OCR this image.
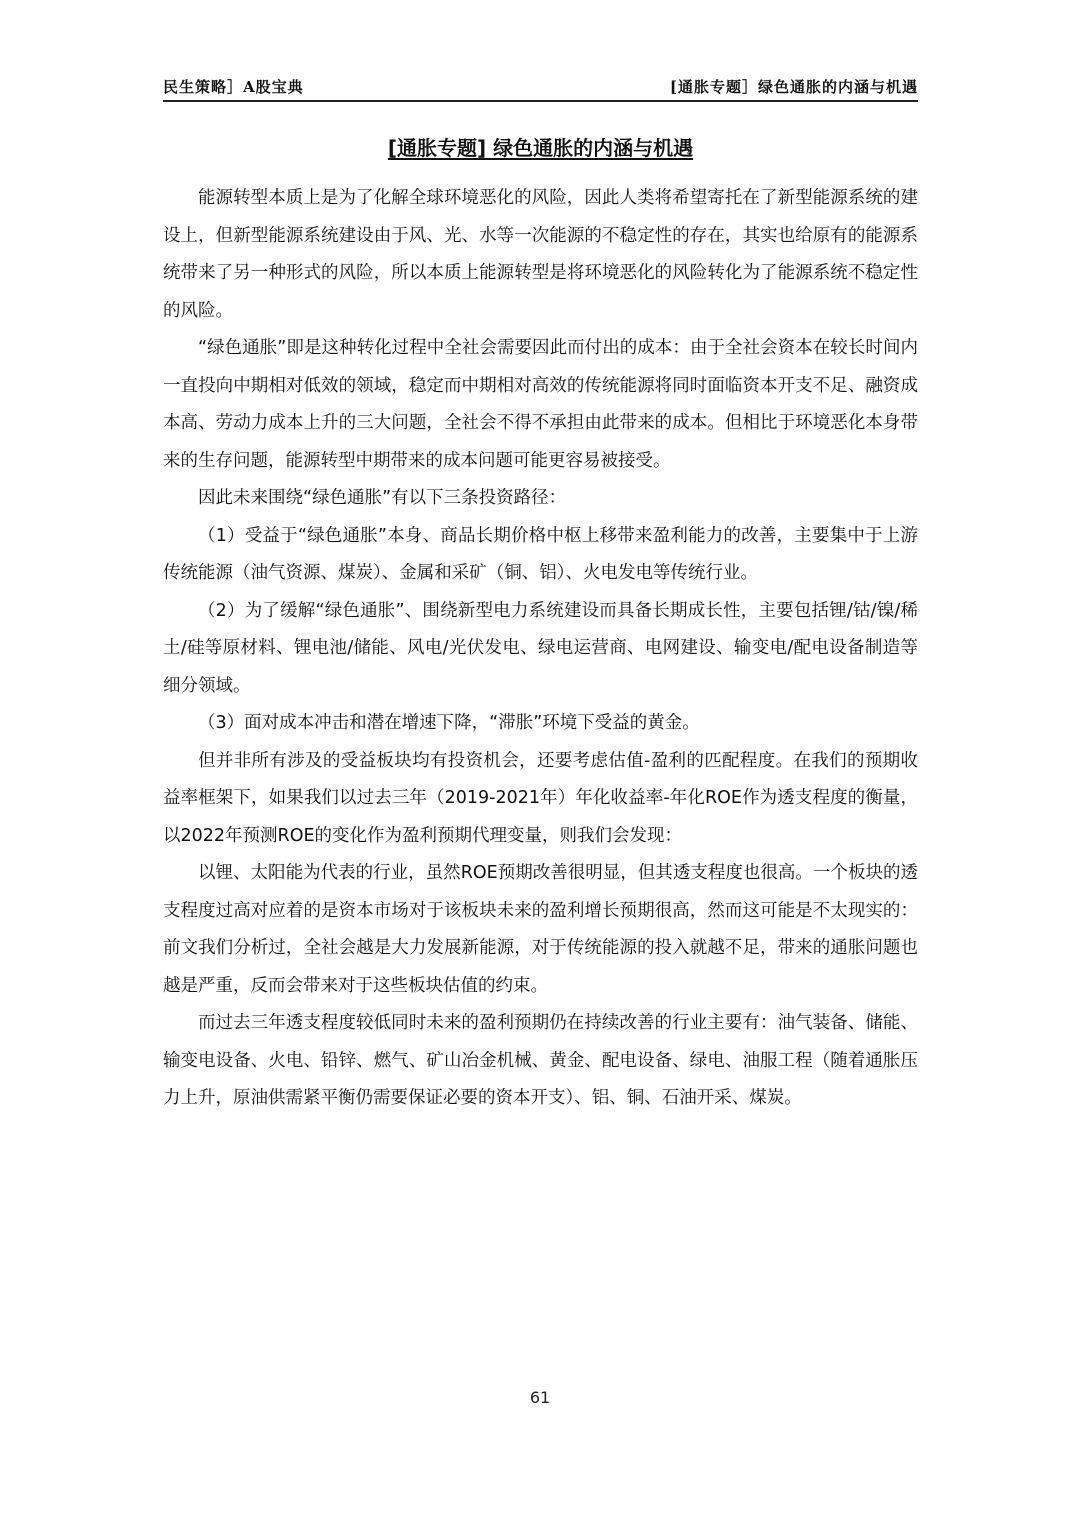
民生策略］A股宝典	[通胀专题］绿色通胀的内涵与机遇
[通胀专题] 绿色通胀的内涵与机遇

能源转型本质上是为了化解全球环境恶化的风险，因此人类将希望寄托在了新型能源系统的建设上，但新型能源系统建设由于风、光、水等一次能源的不稳定性的存在，其实也给原有的能源系统带来了另一种形式的风险，所以本质上能源转型是将环境恶化的风险转化为了能源系统不稳定性的风险。

“绿色通胀”即是这种转化过程中全社会需要因此而付出的成本：由于全社会资本在较长时间内一直投向中期相对低效的领域，稳定而中期相对高效的传统能源将同时面临资本开支不足、融资成本高、劳动力成本上升的三大问题，全社会不得不承担由此带来的成本。但相比于环境恶化本身带来的生存问题，能源转型中期带来的成本问题可能更容易被接受。

因此未来围绕“绿色通胀”有以下三条投资路径：

（1）受益于“绿色通胀”本身、商品长期价格中枢上移带来盈利能力的改善，主要集中于上游传统能源（油气资源、煤炭）、金属和采矿（铜、铝）、火电发电等传统行业。

（2）为了缓解“绿色通胀”、围绕新型电力系统建设而具备长期成长性，主要包括锂/钴/镍/稀土/硅等原材料、锂电池/储能、风电/光伏发电、绿电运营商、电网建设、输变电/配电设备制造等细分领域。

（3）面对成本冲击和潜在增速下降，“滞胀”环境下受益的黄金。

但并非所有涉及的受益板块均有投资机会，还要考虑估值-盈利的匹配程度。在我们的预期收益率框架下，如果我们以过去三年（2019-2021年）年化收益率-年化ROE作为透支程度的衡量，以2022年预测ROE的变化作为盈利预期代理变量，则我们会发现：

以锂、太阳能为代表的行业，虽然ROE预期改善很明显，但其透支程度也很高。一个板块的透支程度过高对应着的是资本市场对于该板块未来的盈利增长预期很高，然而这可能是不太现实的：前文我们分析过，全社会越是大力发展新能源，对于传统能源的投入就越不足，带来的通胀问题也越是严重，反而会带来对于这些板块估值的约束。

而过去三年透支程度较低同时未来的盈利预期仍在持续改善的行业主要有：油气装备、储能、输变电设备、火电、铅锌、燃气、矿山冶金机械、黄金、配电设备、绿电、油服工程（随着通胀压力上升，原油供需紧平衡仍需要保证必要的资本开支）、铝、铜、石油开采、煤炭。

61
